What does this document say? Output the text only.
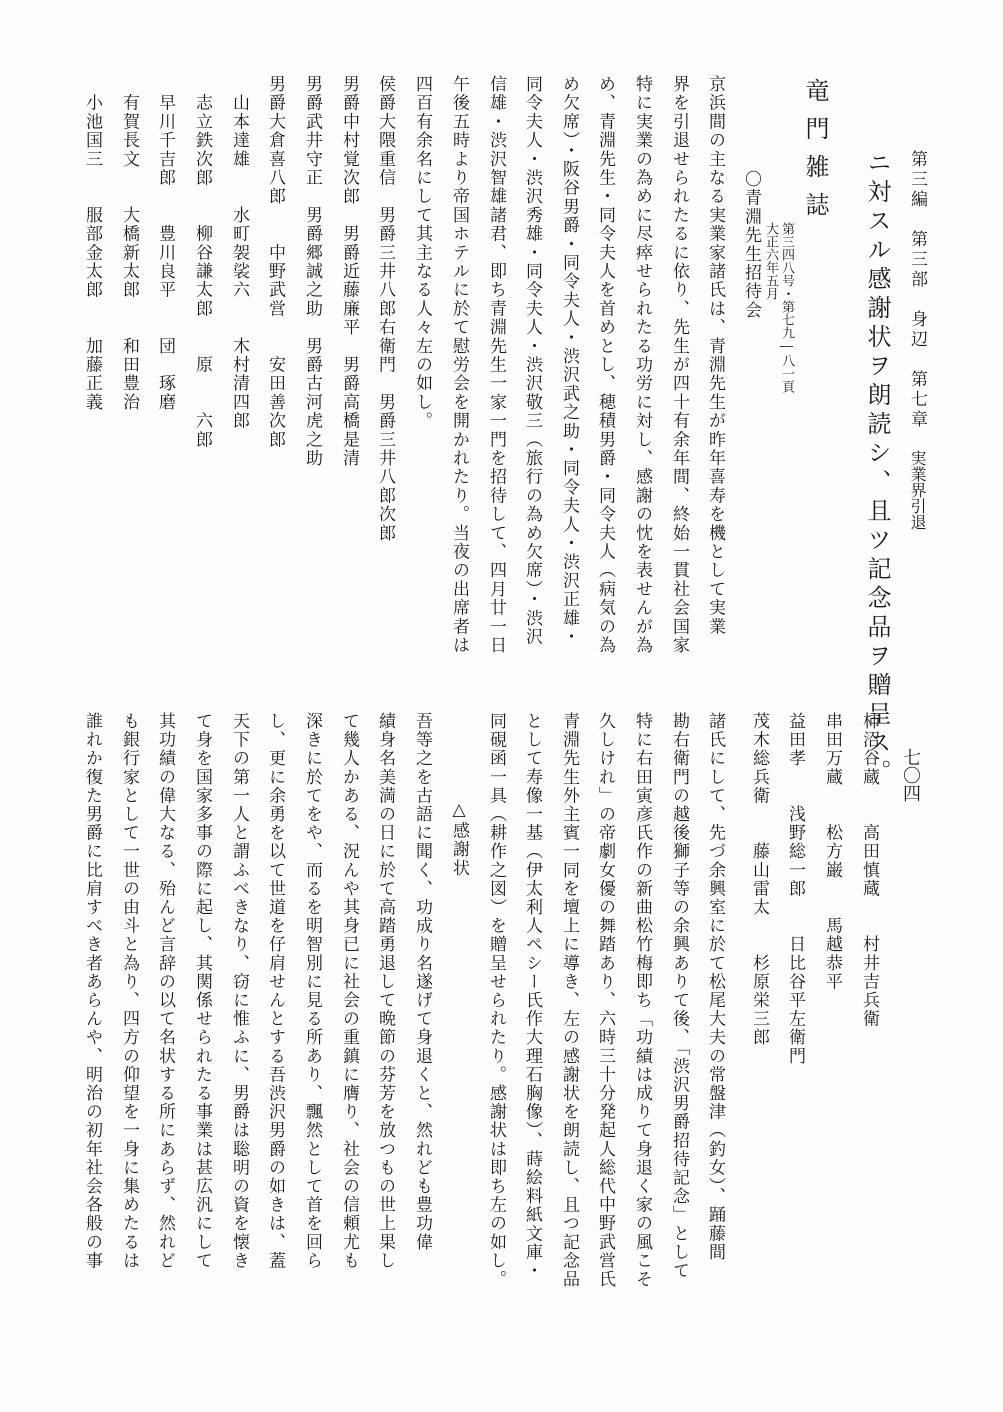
第三編　第三部　身辺　第七章　実業界引退
七〇四
ニ対スル感謝状ヲ朗読シ、且ツ記念品ヲ贈呈ス。
竜門雑誌
第三四八号・第七九―八一頁
大正六年五月
〇青淵先生招待会
京浜間の主なる実業家諸氏は、青淵先生が昨年喜寿を機として実業
界を引退せられたるに依り、先生が四十有余年間、終始一貫社会国家
特に実業の為めに尽瘁せられたる功労に対し、感謝の忱を表せんが為
め、青淵先生・同令夫人を首めとし、穂積男爵・同令夫人（病気の為
め欠席）・阪谷男爵・同令夫人・渋沢武之助・同令夫人・渋沢正雄・
同令夫人・渋沢秀雄・同令夫人・渋沢敬三（旅行の為め欠席）・渋沢
信雄・渋沢智雄諸君、即ち青淵先生一家一門を招待して、四月廿一日
午後五時より帝国ホテルに於て慰労会を開かれたり。当夜の出席者は
四百有余名にして其主なる人々左の如し。
侯爵大隈重信　男爵三井八郎右衛門　男爵三井八郎次郎
男爵中村覚次郎　男爵近藤廉平　男爵高橋是清
男爵武井守正　男爵郷誠之助　男爵古河虎之助
男爵大倉喜八郎　　中野武営　　安田善次郎
　山本達雄　　水町袈裟六　　木村清四郎
　志立鉄次郎　　柳谷謙太郎　　原　　六郎
　早川千吉郎　　豊川良平　　団　琢磨
　有賀長文　　大橋新太郎　　和田豊治
　小池国三　　服部金太郎　　加藤正義
柿沼谷蔵　　高田慎蔵　　村井吉兵衛
串田万蔵　　松方巌　　馬越恭平
益田孝　　浅野総一郎　　日比谷平左衛門
茂木総兵衛　　藤山雷太　　杉原栄三郎
諸氏にして、先づ余興室に於て松尾大夫の常盤津（釣女）、踊藤間
勘右衛門の越後獅子等の余興ありて後、「渋沢男爵招待記念」として
特に右田寅彦氏作の新曲松竹梅即ち「功績は成りて身退く家の風こそ
久しけれ」の帝劇女優の舞踏あり、六時三十分発起人総代中野武営氏
青淵先生外主賓一同を壇上に導き、左の感謝状を朗読し、且つ記念品
として寿像一基（伊太利人ペシー氏作大理石胸像）、蒔絵料紙文庫・
同硯函一具（耕作之図）を贈呈せられたり。感謝状は即ち左の如し。
△感謝状
吾等之を古語に聞く、功成り名遂げて身退くと、然れども豊功偉
績身名美満の日に於て高踏勇退して晩節の芬芳を放つもの世上果し
て幾人かある、況んや其身已に社会の重鎮に膺り、社会の信頼尤も
深きに於てをや、而るを明智別に見る所あり、飄然として首を回ら
し、更に余勇を以て世道を仔肩せんとする吾渋沢男爵の如きは、蓋
天下の第一人と謂ふべきなり、窃に惟ふに、男爵は聡明の資を懐き
て身を国家多事の際に起し、其関係せられたる事業は甚広汎にして
其功績の偉大なる、殆んど言辞の以て名状する所にあらず、然れど
も銀行家として一世の由斗と為り、四方の仰望を一身に集めたるは
誰れか復た男爵に比肩すべき者あらんや、明治の初年社会各般の事
